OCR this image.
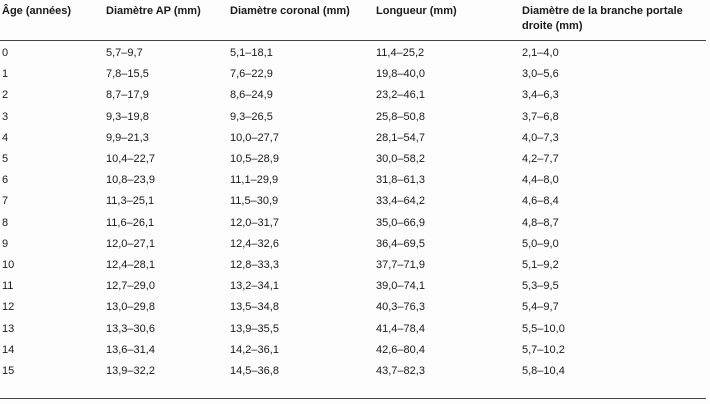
Âge (années)	Diamètre AP (mm)	Diamètre coronal (mm)	Longueur (mm)	Diamètre de la branche portale droite (mm)
0	5,7–9,7	5,1–18,1	11,4–25,2	2,1–4,0
1	7,8–15,5	7,6–22,9	19,8–40,0	3,0–5,6
2	8,7–17,9	8,6–24,9	23,2–46,1	3,4–6,3
3	9,3–19,8	9,3–26,5	25,8–50,8	3,7–6,8
4	9,9–21,3	10,0–27,7	28,1–54,7	4,0–7,3
5	10,4–22,7	10,5–28,9	30,0–58,2	4,2–7,7
6	10,8–23,9	11,1–29,9	31,8–61,3	4,4–8,0
7	11,3–25,1	11,5–30,9	33,4–64,2	4,6–8,4
8	11,6–26,1	12,0–31,7	35,0–66,9	4,8–8,7
9	12,0–27,1	12,4–32,6	36,4–69,5	5,0–9,0
10	12,4–28,1	12,8–33,3	37,7–71,9	5,1–9,2
11	12,7–29,0	13,2–34,1	39,0–74,1	5,3–9,5
12	13,0–29,8	13,5–34,8	40,3–76,3	5,4–9,7
13	13,3–30,6	13,9–35,5	41,4–78,4	5,5–10,0
14	13,6–31,4	14,2–36,1	42,6–80,4	5,7–10,2
15	13,9–32,2	14,5–36,8	43,7–82,3	5,8–10,4
